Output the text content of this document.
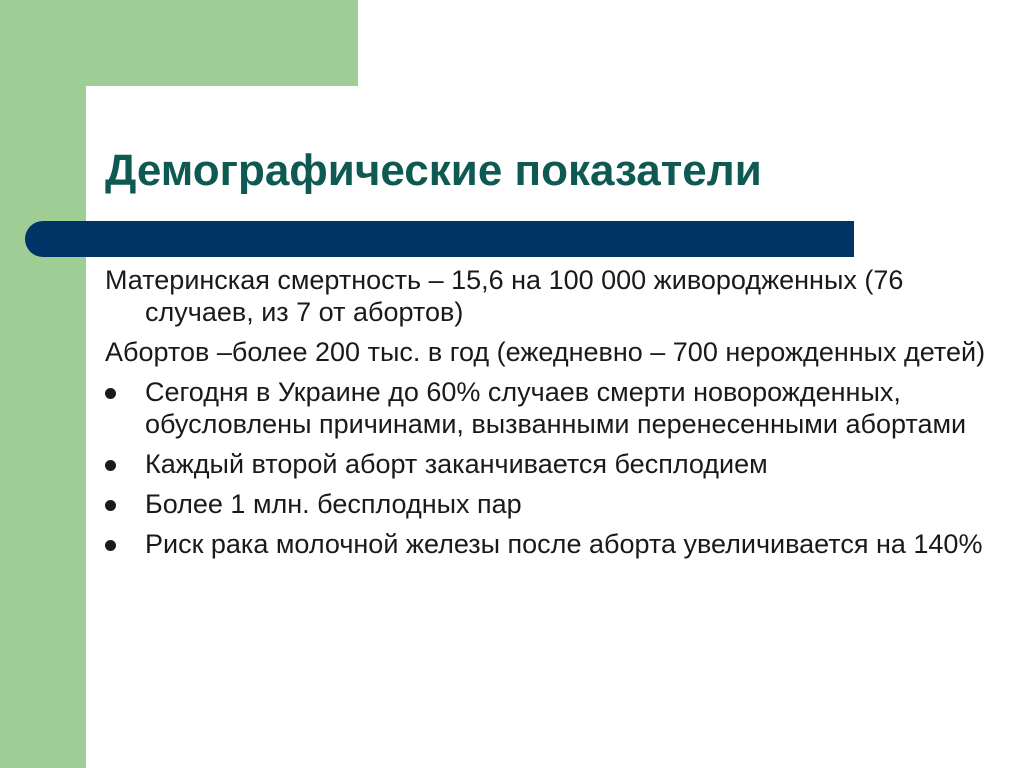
Демографические показатели
Материнская смертность – 15,6 на 100 000 живородженных (76 случаев, из 7 от абортов)
Абортов –более 200 тыс. в год (ежедневно – 700 нерожденных детей)
Сегодня в Украине до 60% случаев смерти новорожденных, обусловлены причинами, вызванными перенесенными абортами
Каждый второй аборт заканчивается бесплодием
Более 1 млн. бесплодных пар
Риск рака молочной железы после аборта увеличивается на 140%
